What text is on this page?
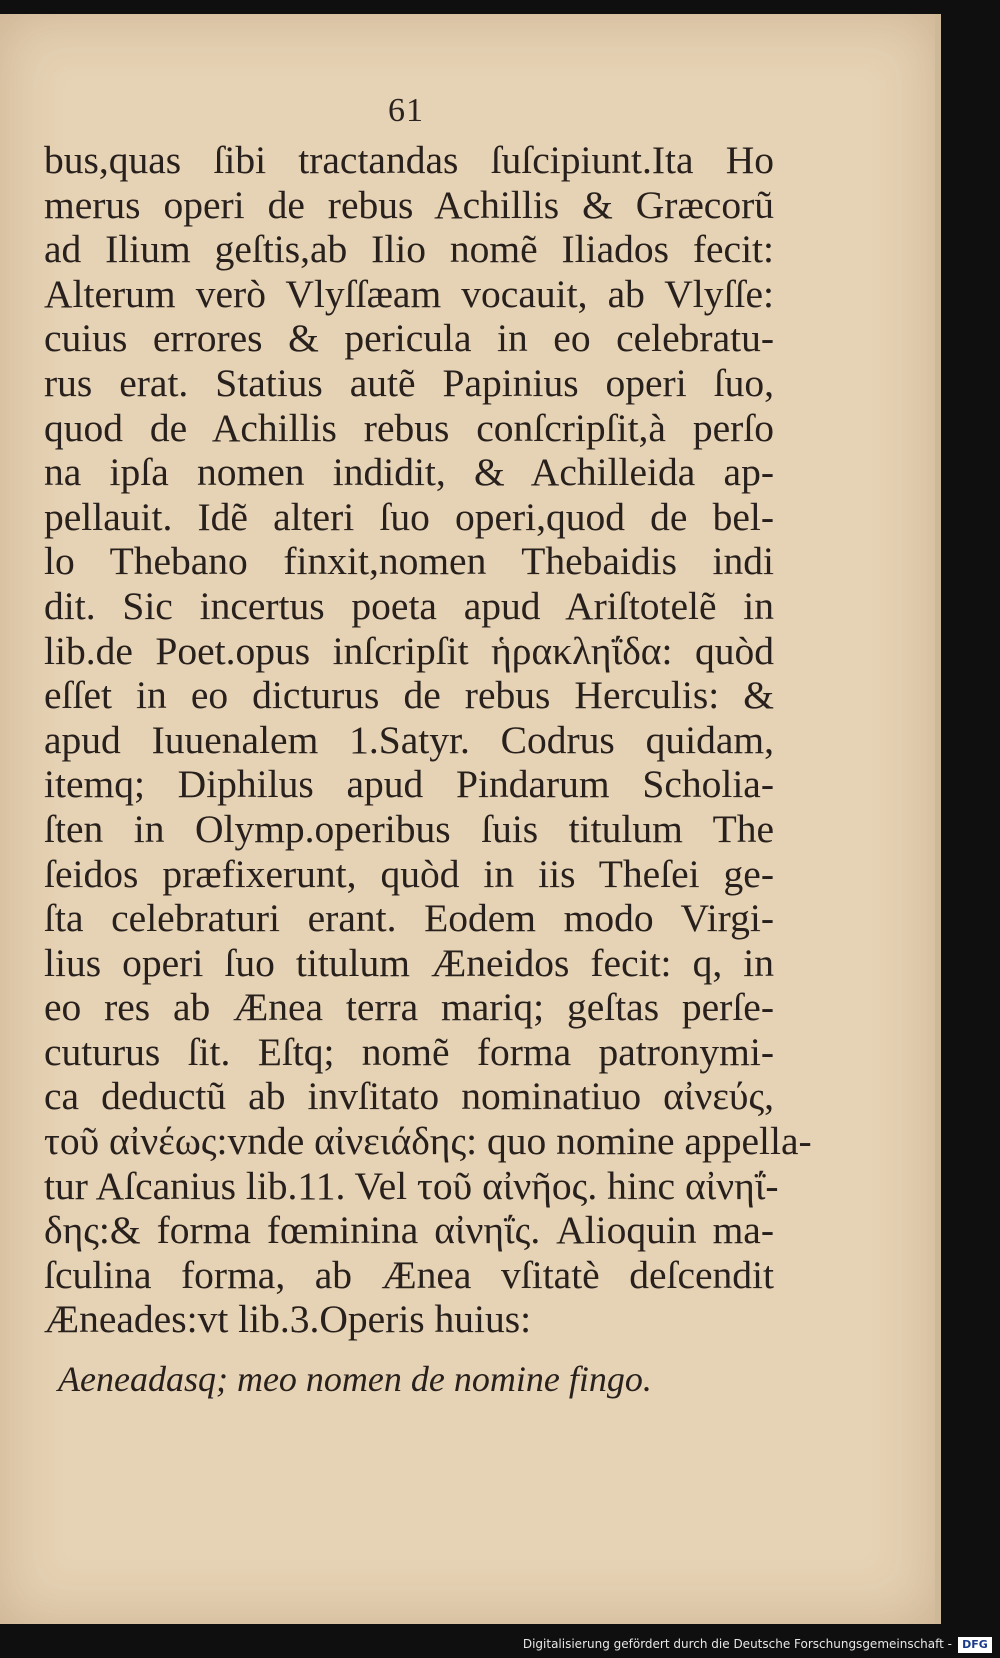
61
bus,quas ſibi tractandas ſuſcipiunt.Ita Ho
merus operi de rebus Achillis & Græcorũ
ad Ilium geſtis,ab Ilio nomẽ Iliados fecit:
Alterum verò Vlyſſæam vocauit, ab Vlyſſe:
cuius errores & pericula in eo celebratu-
rus erat. Statius autẽ Papinius operi ſuo,
quod de Achillis rebus conſcripſit,à perſo
na ipſa nomen indidit, & Achilleida ap-
pellauit. Idẽ alteri ſuo operi,quod de bel-
lo Thebano finxit,nomen Thebaidis indi
dit. Sic incertus poeta apud Ariſtotelẽ in
lib.de Poet.opus inſcripſit ἡρακληΐδα: quòd
eſſet in eo dicturus de rebus Herculis: &
apud Iuuenalem 1.Satyr. Codrus quidam,
itemq; Diphilus apud Pindarum Scholia-
ſten in Olymp.operibus ſuis titulum The
ſeidos præfixerunt, quòd in iis Theſei ge-
ſta celebraturi erant. Eodem modo Virgi-
lius operi ſuo titulum Æneidos fecit: q, in
eo res ab Ænea terra mariq; geſtas perſe-
cuturus ſit. Eſtq; nomẽ forma patronymi-
ca deductũ ab invſitato nominatiuo αἰνεύς,
τοῦ αἰνέως:vnde αἰνειάδης: quo nomine appella-
tur Aſcanius lib.11. Vel τοῦ αἰνῆος. hinc αἰνηΐ-
δης:& forma fœminina αἰνηΐς. Alioquin ma-
ſculina forma, ab Ænea vſitatè deſcendit
Æneades:vt lib.3.Operis huius:
Aeneadasq; meo nomen de nomine fingo.
Digitalisierung gefördert durch die Deutsche Forschungsgemeinschaft - DFG
